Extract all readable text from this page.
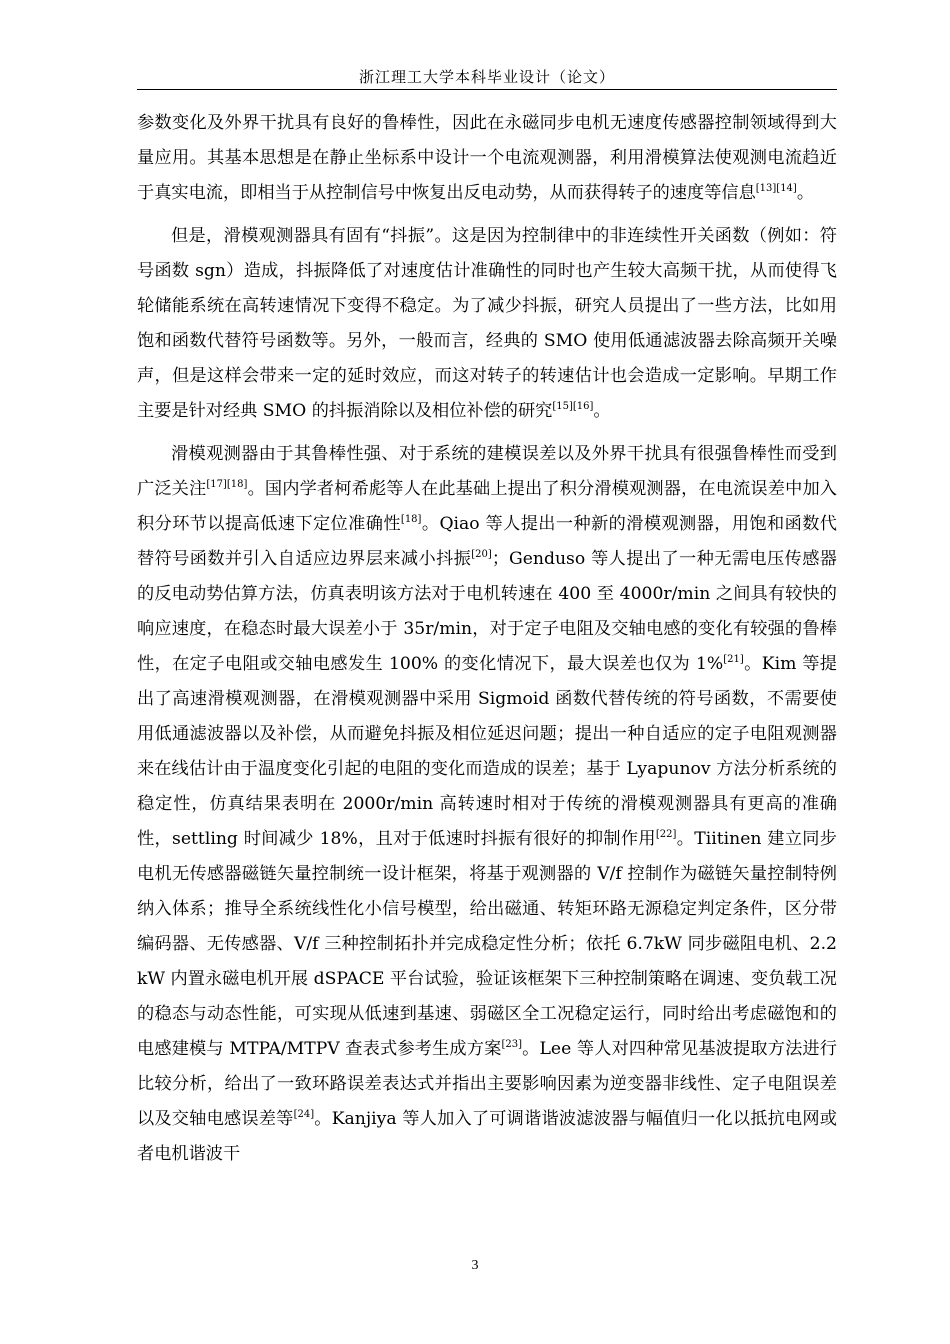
浙江理工大学本科毕业设计（论文）

参数变化及外界干扰具有良好的鲁棒性，因此在永磁同步电机无速度传感器控制领域得到大量应用。其基本思想是在静止坐标系中设计一个电流观测器，利用滑模算法使观测电流趋近于真实电流，即相当于从控制信号中恢复出反电动势，从而获得转子的速度等信息[13][14]。

但是，滑模观测器具有固有“抖振”。这是因为控制律中的非连续性开关函数（例如：符号函数 sgn）造成，抖振降低了对速度估计准确性的同时也产生较大高频干扰，从而使得飞轮储能系统在高转速情况下变得不稳定。为了减少抖振，研究人员提出了一些方法，比如用饱和函数代替符号函数等。另外，一般而言，经典的 SMO 使用低通滤波器去除高频开关噪声，但是这样会带来一定的延时效应，而这对转子的转速估计也会造成一定影响。早期工作主要是针对经典 SMO 的抖振消除以及相位补偿的研究[15][16]。

滑模观测器由于其鲁棒性强、对于系统的建模误差以及外界干扰具有很强鲁棒性而受到广泛关注[17][18]。国内学者柯希彪等人在此基础上提出了积分滑模观测器，在电流误差中加入积分环节以提高低速下定位准确性[18]。Qiao 等人提出一种新的滑模观测器，用饱和函数代替符号函数并引入自适应边界层来减小抖振[20]；Genduso 等人提出了一种无需电压传感器的反电动势估算方法，仿真表明该方法对于电机转速在 400 至 4000r/min 之间具有较快的响应速度，在稳态时最大误差小于 35r/min，对于定子电阻及交轴电感的变化有较强的鲁棒性，在定子电阻或交轴电感发生 100% 的变化情况下，最大误差也仅为 1%[21]。Kim 等提出了高速滑模观测器，在滑模观测器中采用 Sigmoid 函数代替传统的符号函数，不需要使用低通滤波器以及补偿，从而避免抖振及相位延迟问题；提出一种自适应的定子电阻观测器来在线估计由于温度变化引起的电阻的变化而造成的误差；基于 Lyapunov 方法分析系统的稳定性，仿真结果表明在 2000r/min 高转速时相对于传统的滑模观测器具有更高的准确性，settling 时间减少 18%，且对于低速时抖振有很好的抑制作用[22]。Tiitinen 建立同步电机无传感器磁链矢量控制统一设计框架，将基于观测器的 V/f 控制作为磁链矢量控制特例纳入体系；推导全系统线性化小信号模型，给出磁通、转矩环路无源稳定判定条件，区分带编码器、无传感器、V/f 三种控制拓扑并完成稳定性分析；依托 6.7kW 同步磁阻电机、2.2kW 内置永磁电机开展 dSPACE 平台试验，验证该框架下三种控制策略在调速、变负载工况的稳态与动态性能，可实现从低速到基速、弱磁区全工况稳定运行，同时给出考虑磁饱和的电感建模与 MTPA/MTPV 查表式参考生成方案[23]。Lee 等人对四种常见基波提取方法进行比较分析，给出了一致环路误差表达式并指出主要影响因素为逆变器非线性、定子电阻误差以及交轴电感误差等[24]。Kanjiya 等人加入了可调谐谐波滤波器与幅值归一化以抵抗电网或者电机谐波干

3
